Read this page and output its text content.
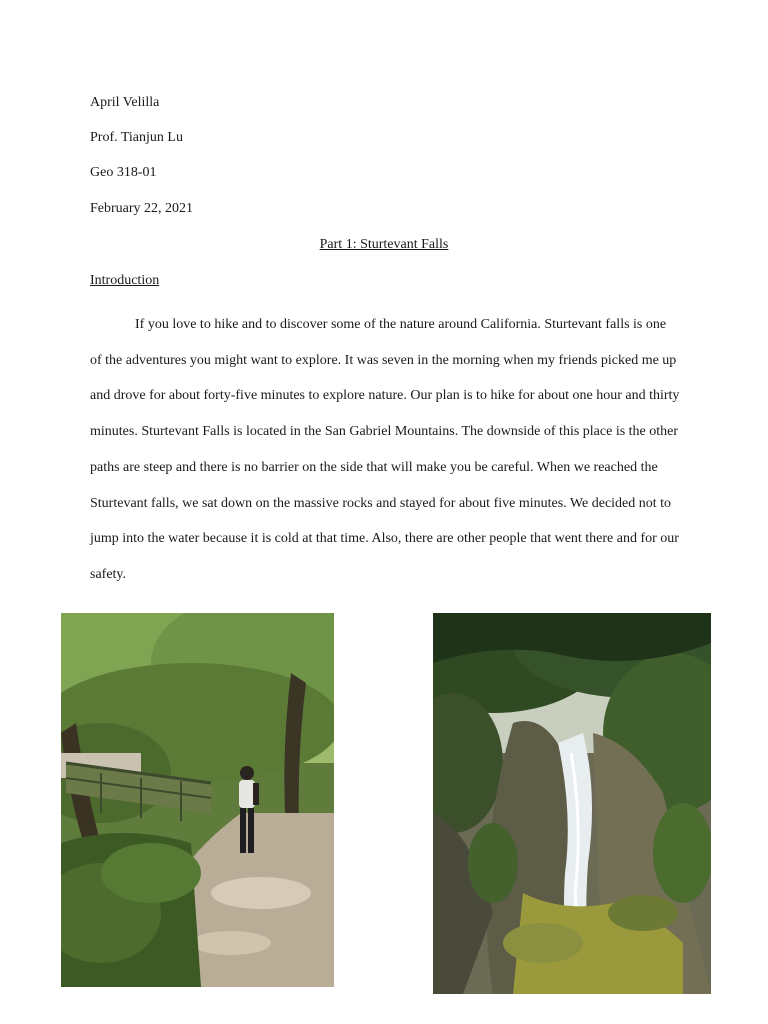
April Velilla
Prof. Tianjun Lu
Geo 318-01
February 22, 2021
Part 1: Sturtevant Falls
Introduction

If you love to hike and to discover some of the nature around California. Sturtevant falls is one of the adventures you might want to explore. It was seven in the morning when my friends picked me up and drove for about forty-five minutes to explore nature. Our plan is to hike for about one hour and thirty minutes. Sturtevant Falls is located in the San Gabriel Mountains. The downside of this place is the other paths are steep and there is no barrier on the side that will make you be careful. When we reached the Sturtevant falls, we sat down on the massive rocks and stayed for about five minutes. We decided not to jump into the water because it is cold at that time. Also, there are other people that went there and for our safety.
